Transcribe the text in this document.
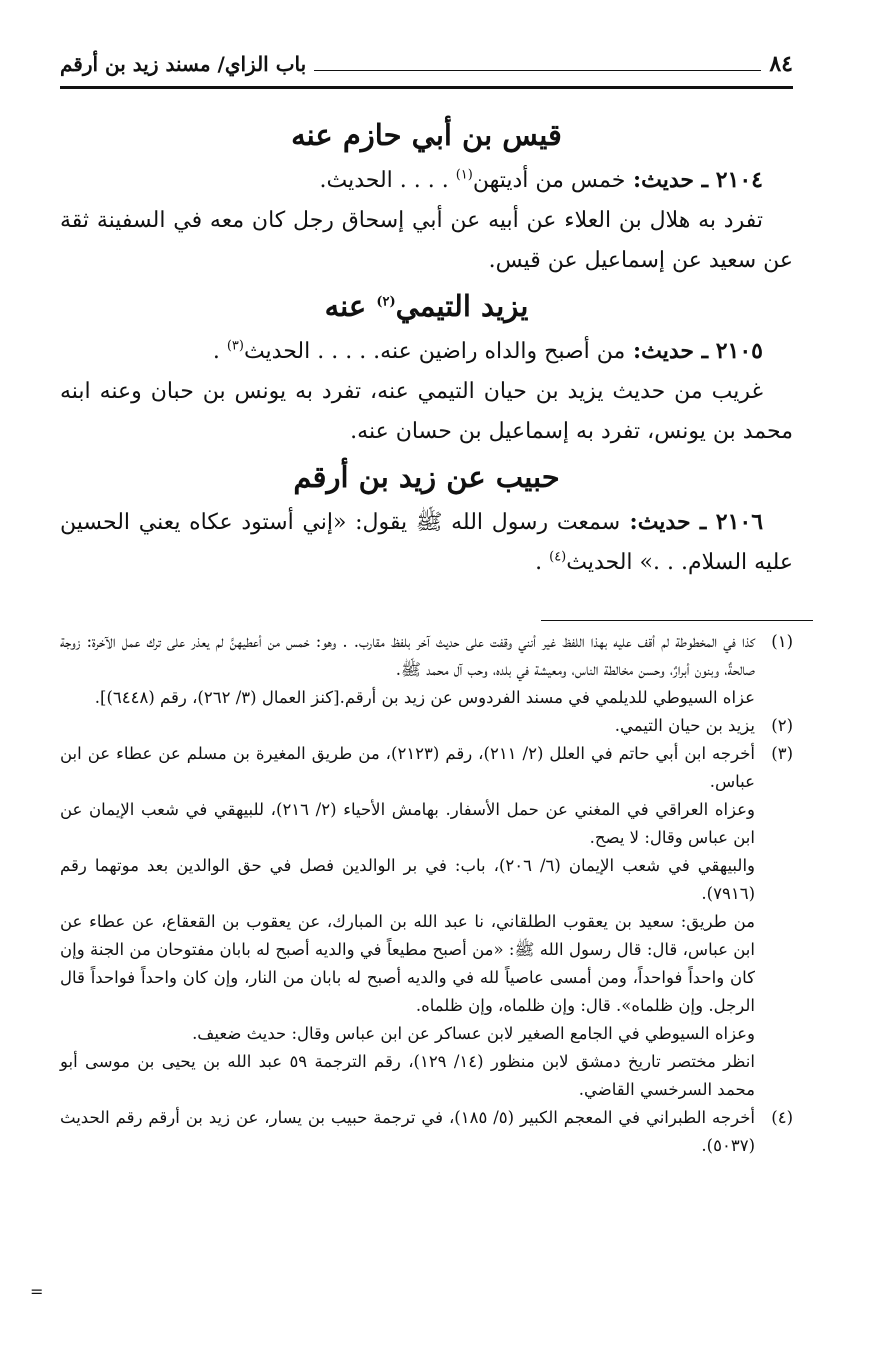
باب الزاي/ مسند زيد بن أرقم	٨٤
قيس بن أبي حازم عنه

٢١٠٤ ـ حديث: خمس من أديتهن$^{(١)}$ . . . . الحديث.

تفرد به هلال بن العلاء عن أبيه عن أبي إسحاق رجل كان معه في السفينة ثقة عن سعيد عن إسماعيل عن قيس.

يزيد التيمي$^{(٢)}$ عنه

٢١٠٥ ـ حديث: من أصبح والداه راضين عنه. . . . . الحديث$^{(٣)}$ .

غريب من حديث يزيد بن حيان التيمي عنه، تفرد به يونس بن حبان وعنه ابنه محمد بن يونس، تفرد به إسماعيل بن حسان عنه.

حبيب عن زيد بن أرقم

٢١٠٦ ـ حديث: سمعت رسول الله ﷺ يقول: «إني أستود عكاه يعني الحسين عليه السلام. . .» الحديث$^{(٤)}$ .

(١)

كذا في المخطوطة لم أقف عليه بهذا اللفظ غير أنني وقفت على حديث آخر بلفظ مقارب. . وهو: خمس من أعطيهنَّ لم يعذر على ترك عمل الآخرة: زوجة صالحةٌ، وبنون أبرارٌ، وحسن مخالطة الناس، ومعيشة في بلده، وحب آل محمد ﷺ.

عزاه السيوطي للديلمي في مسند الفردوس عن زيد بن أرقم.[كنز العمال (٣/ ٢٦٢)، رقم (٦٤٤٨)].

(٢)

يزيد بن حيان التيمي.

(٣)

أخرجه ابن أبي حاتم في العلل (٢/ ٢١١)، رقم (٢١٢٣)، من طريق المغيرة بن مسلم عن عطاء عن ابن عباس.

وعزاه العراقي في المغني عن حمل الأسفار. بهامش الأحياء (٢/ ٢١٦)، للبيهقي في شعب الإيمان عن ابن عباس وقال: لا يصح.

والبيهقي في شعب الإيمان (٦/ ٢٠٦)، باب: في بر الوالدين فصل في حق الوالدين بعد موتهما رقم (٧٩١٦).

من طريق: سعيد بن يعقوب الطلقاني، نا عبد الله بن المبارك، عن يعقوب بن القعقاع، عن عطاء عن ابن عباس، قال: قال رسول الله ﷺ: «من أصبح مطيعاً في والديه أصبح له بابان مفتوحان من الجنة وإن كان واحداً فواحداً، ومن أمسى عاصياً لله في والديه أصبح له بابان من النار، وإن كان واحداً فواحداً قال الرجل. وإن ظلماه». قال: وإن ظلماه، وإن ظلماه.

وعزاه السيوطي في الجامع الصغير لابن عساكر عن ابن عباس وقال: حديث ضعيف.

انظر مختصر تاريخ دمشق لابن منظور (١٤/ ١٢٩)، رقم الترجمة ٥٩ عبد الله بن يحيى بن موسى أبو محمد السرخسي القاضي.

(٤)

أخرجه الطبراني في المعجم الكبير (٥/ ١٨٥)، في ترجمة حبيب بن يسار، عن زيد بن أرقم رقم الحديث (٥٠٣٧).

=
